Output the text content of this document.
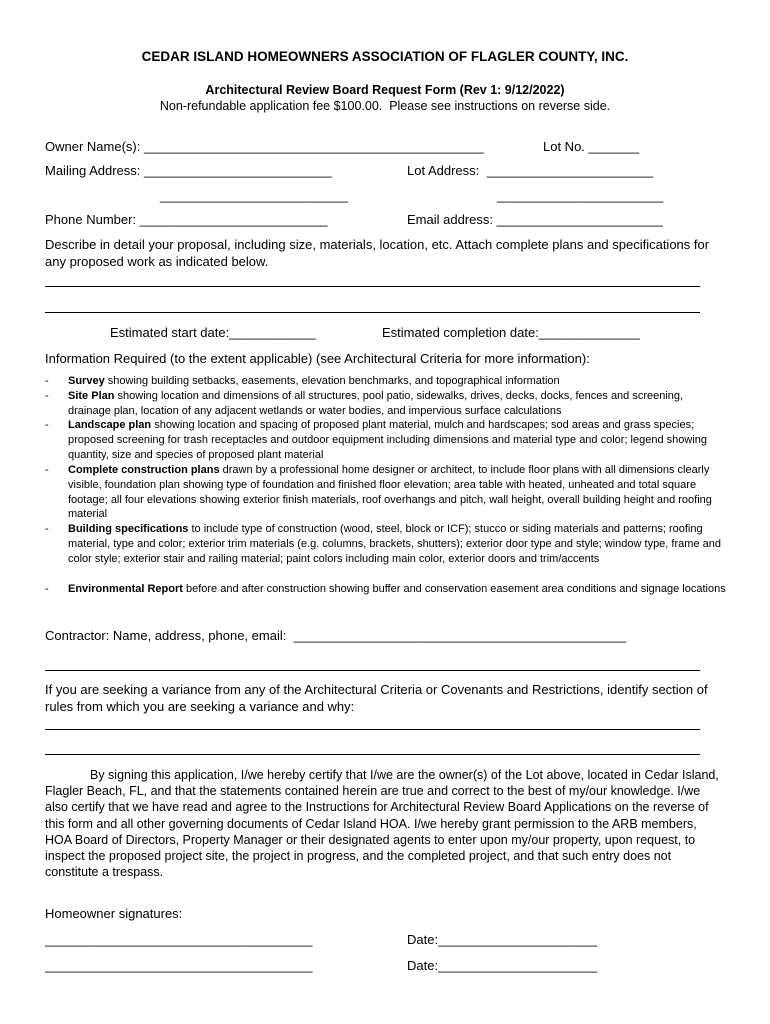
CEDAR ISLAND HOMEOWNERS ASSOCIATION OF FLAGLER COUNTY, INC.
Architectural Review Board Request Form (Rev 1: 9/12/2022)
Non-refundable application fee $100.00.  Please see instructions on reverse side.
Owner Name(s): _______________________________________________	Lot No. _______
Mailing Address: __________________________	Lot Address: _______________________
__________________________	_______________________
Phone Number: __________________________	Email address: _______________________
Describe in detail your proposal, including size, materials, location, etc. Attach complete plans and specifications for any proposed work as indicated below.
Estimated start date:____________	Estimated completion date:______________
Information Required (to the extent applicable) (see Architectural Criteria for more information):
- Survey showing building setbacks, easements, elevation benchmarks, and topographical information
- Site Plan showing location and dimensions of all structures, pool patio, sidewalks, drives, decks, docks, fences and screening, drainage plan, location of any adjacent wetlands or water bodies, and impervious surface calculations
- Landscape plan showing location and spacing of proposed plant material, mulch and hardscapes; sod areas and grass species; proposed screening for trash receptacles and outdoor equipment including dimensions and material type and color; legend showing quantity, size and species of proposed plant material
- Complete construction plans drawn by a professional home designer or architect, to include floor plans with all dimensions clearly visible, foundation plan showing type of foundation and finished floor elevation; area table with heated, unheated and total square footage; all four elevations showing exterior finish materials, roof overhangs and pitch, wall height, overall building height and roofing material
- Building specifications to include type of construction (wood, steel, block or ICF); stucco or siding materials and patterns; roofing material, type and color; exterior trim materials (e.g. columns, brackets, shutters); exterior door type and style; window type, frame and color style; exterior stair and railing material; paint colors including main color, exterior doors and trim/accents
- Environmental Report before and after construction showing buffer and conservation easement area conditions and signage locations
Contractor: Name, address, phone, email:  ______________________________________________
If you are seeking a variance from any of the Architectural Criteria or Covenants and Restrictions, identify section of rules from which you are seeking a variance and why:
By signing this application, I/we hereby certify that I/we are the owner(s) of the Lot above, located in Cedar Island, Flagler Beach, FL, and that the statements contained herein are true and correct to the best of my/our knowledge. I/we also certify that we have read and agree to the Instructions for Architectural Review Board Applications on the reverse of this form and all other governing documents of Cedar Island HOA. I/we hereby grant permission to the ARB members, HOA Board of Directors, Property Manager or their designated agents to enter upon my/our property, upon request, to inspect the proposed project site, the project in progress, and the completed project, and that such entry does not constitute a trespass.
Homeowner signatures:
_____________________________________	Date:______________________
_____________________________________	Date:______________________
